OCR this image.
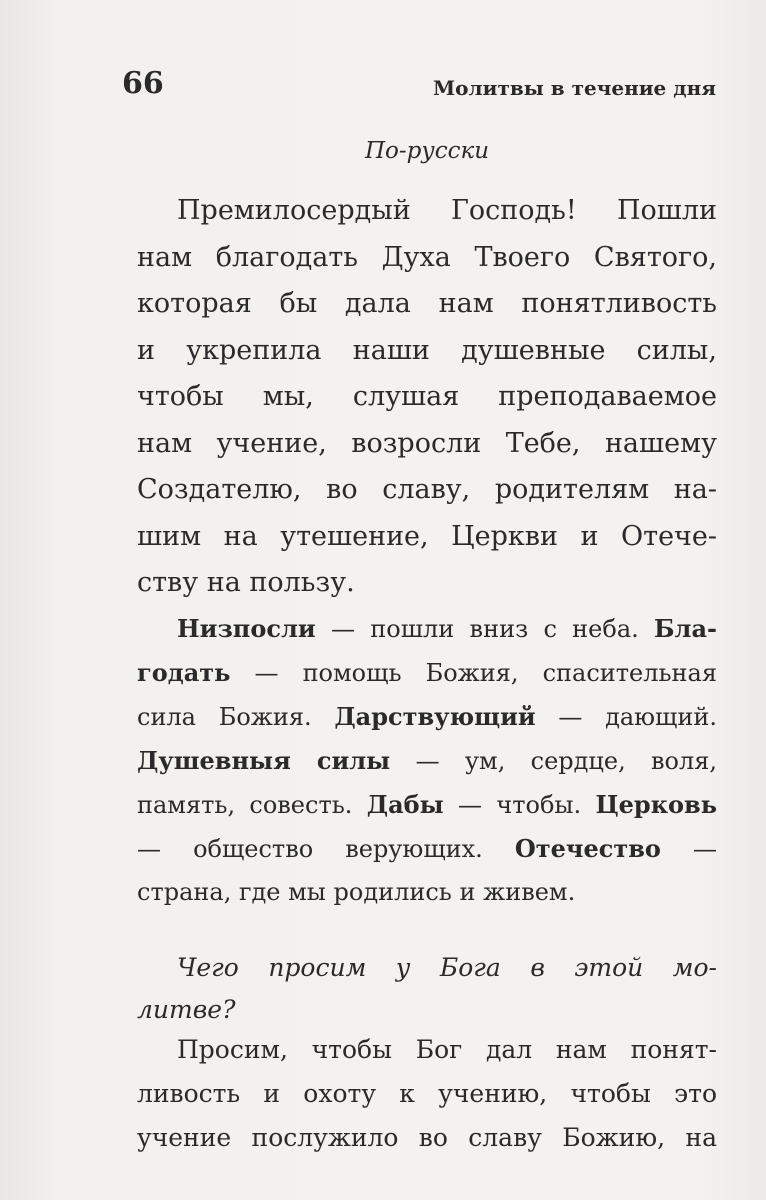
66	Молитвы в течение дня
По-русски
Премилосердый Господь! Пошли
нам благодать Духа Твоего Святого,
которая бы дала нам понятливость
и укрепила наши душевные силы,
чтобы мы, слушая преподаваемое
нам учение, возросли Тебе, нашему
Создателю, во славу, родителям на-
шим на утешение, Церкви и Отече-
ству на пользу.
Низпосли — пошли вниз с неба. Бла-
годать — помощь Божия, спасительная
сила Божия. Дарствующий — дающий.
Душевныя силы — ум, сердце, воля,
память, совесть. Дабы — чтобы. Церковь
— общество верующих. Отечество —
страна, где мы родились и живем.
Чего просим у Бога в этой мо-
литве?
Просим, чтобы Бог дал нам понят-
ливость и охоту к учению, чтобы это
учение послужило во славу Божию, на
